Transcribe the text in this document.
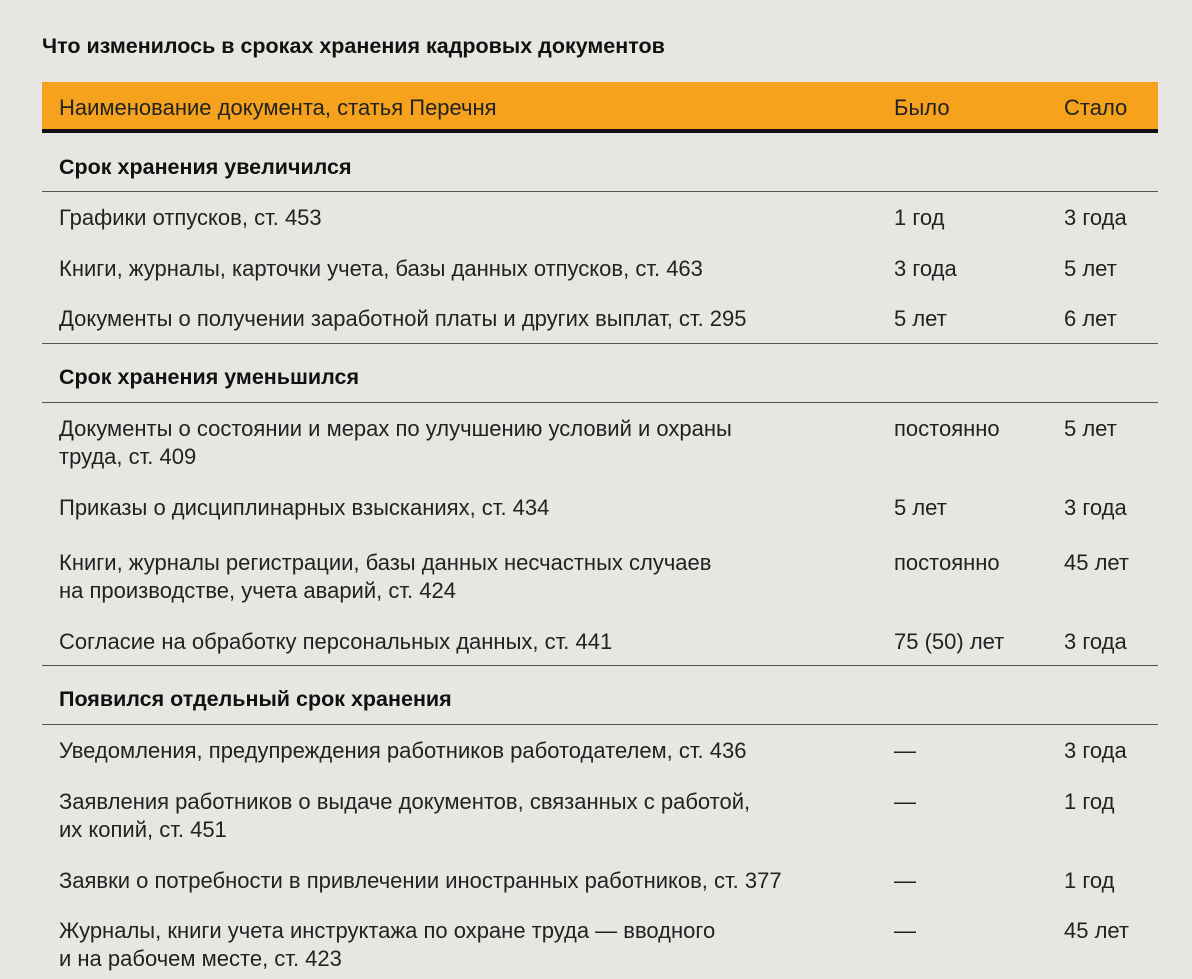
Что изменилось в сроках хранения кадровых документов
Наименование документа, статья Перечня	Было	Стало
Срок хранения увеличился
Графики отпусков, ст. 453	1 год	3 года
Книги, журналы, карточки учета, базы данных отпусков, ст. 463	3 года	5 лет
Документы о получении заработной платы и других выплат, ст. 295	5 лет	6 лет
Срок хранения уменьшился
Документы о состоянии и мерах по улучшению условий и охраны
труда, ст. 409
постоянно	5 лет
Приказы о дисциплинарных взысканиях, ст. 434	5 лет	3 года
Книги, журналы регистрации, базы данных несчастных случаев
на производстве, учета аварий, ст. 424
постоянно	45 лет
Согласие на обработку персональных данных, ст. 441	75 (50) лет	3 года
Появился отдельный срок хранения
Уведомления, предупреждения работников работодателем, ст. 436	—	3 года
Заявления работников о выдаче документов, связанных с работой,
их копий, ст. 451
—	1 год
Заявки о потребности в привлечении иностранных работников, ст. 377	—	1 год
Журналы, книги учета инструктажа по охране труда — вводного
и на рабочем месте, ст. 423
—	45 лет
